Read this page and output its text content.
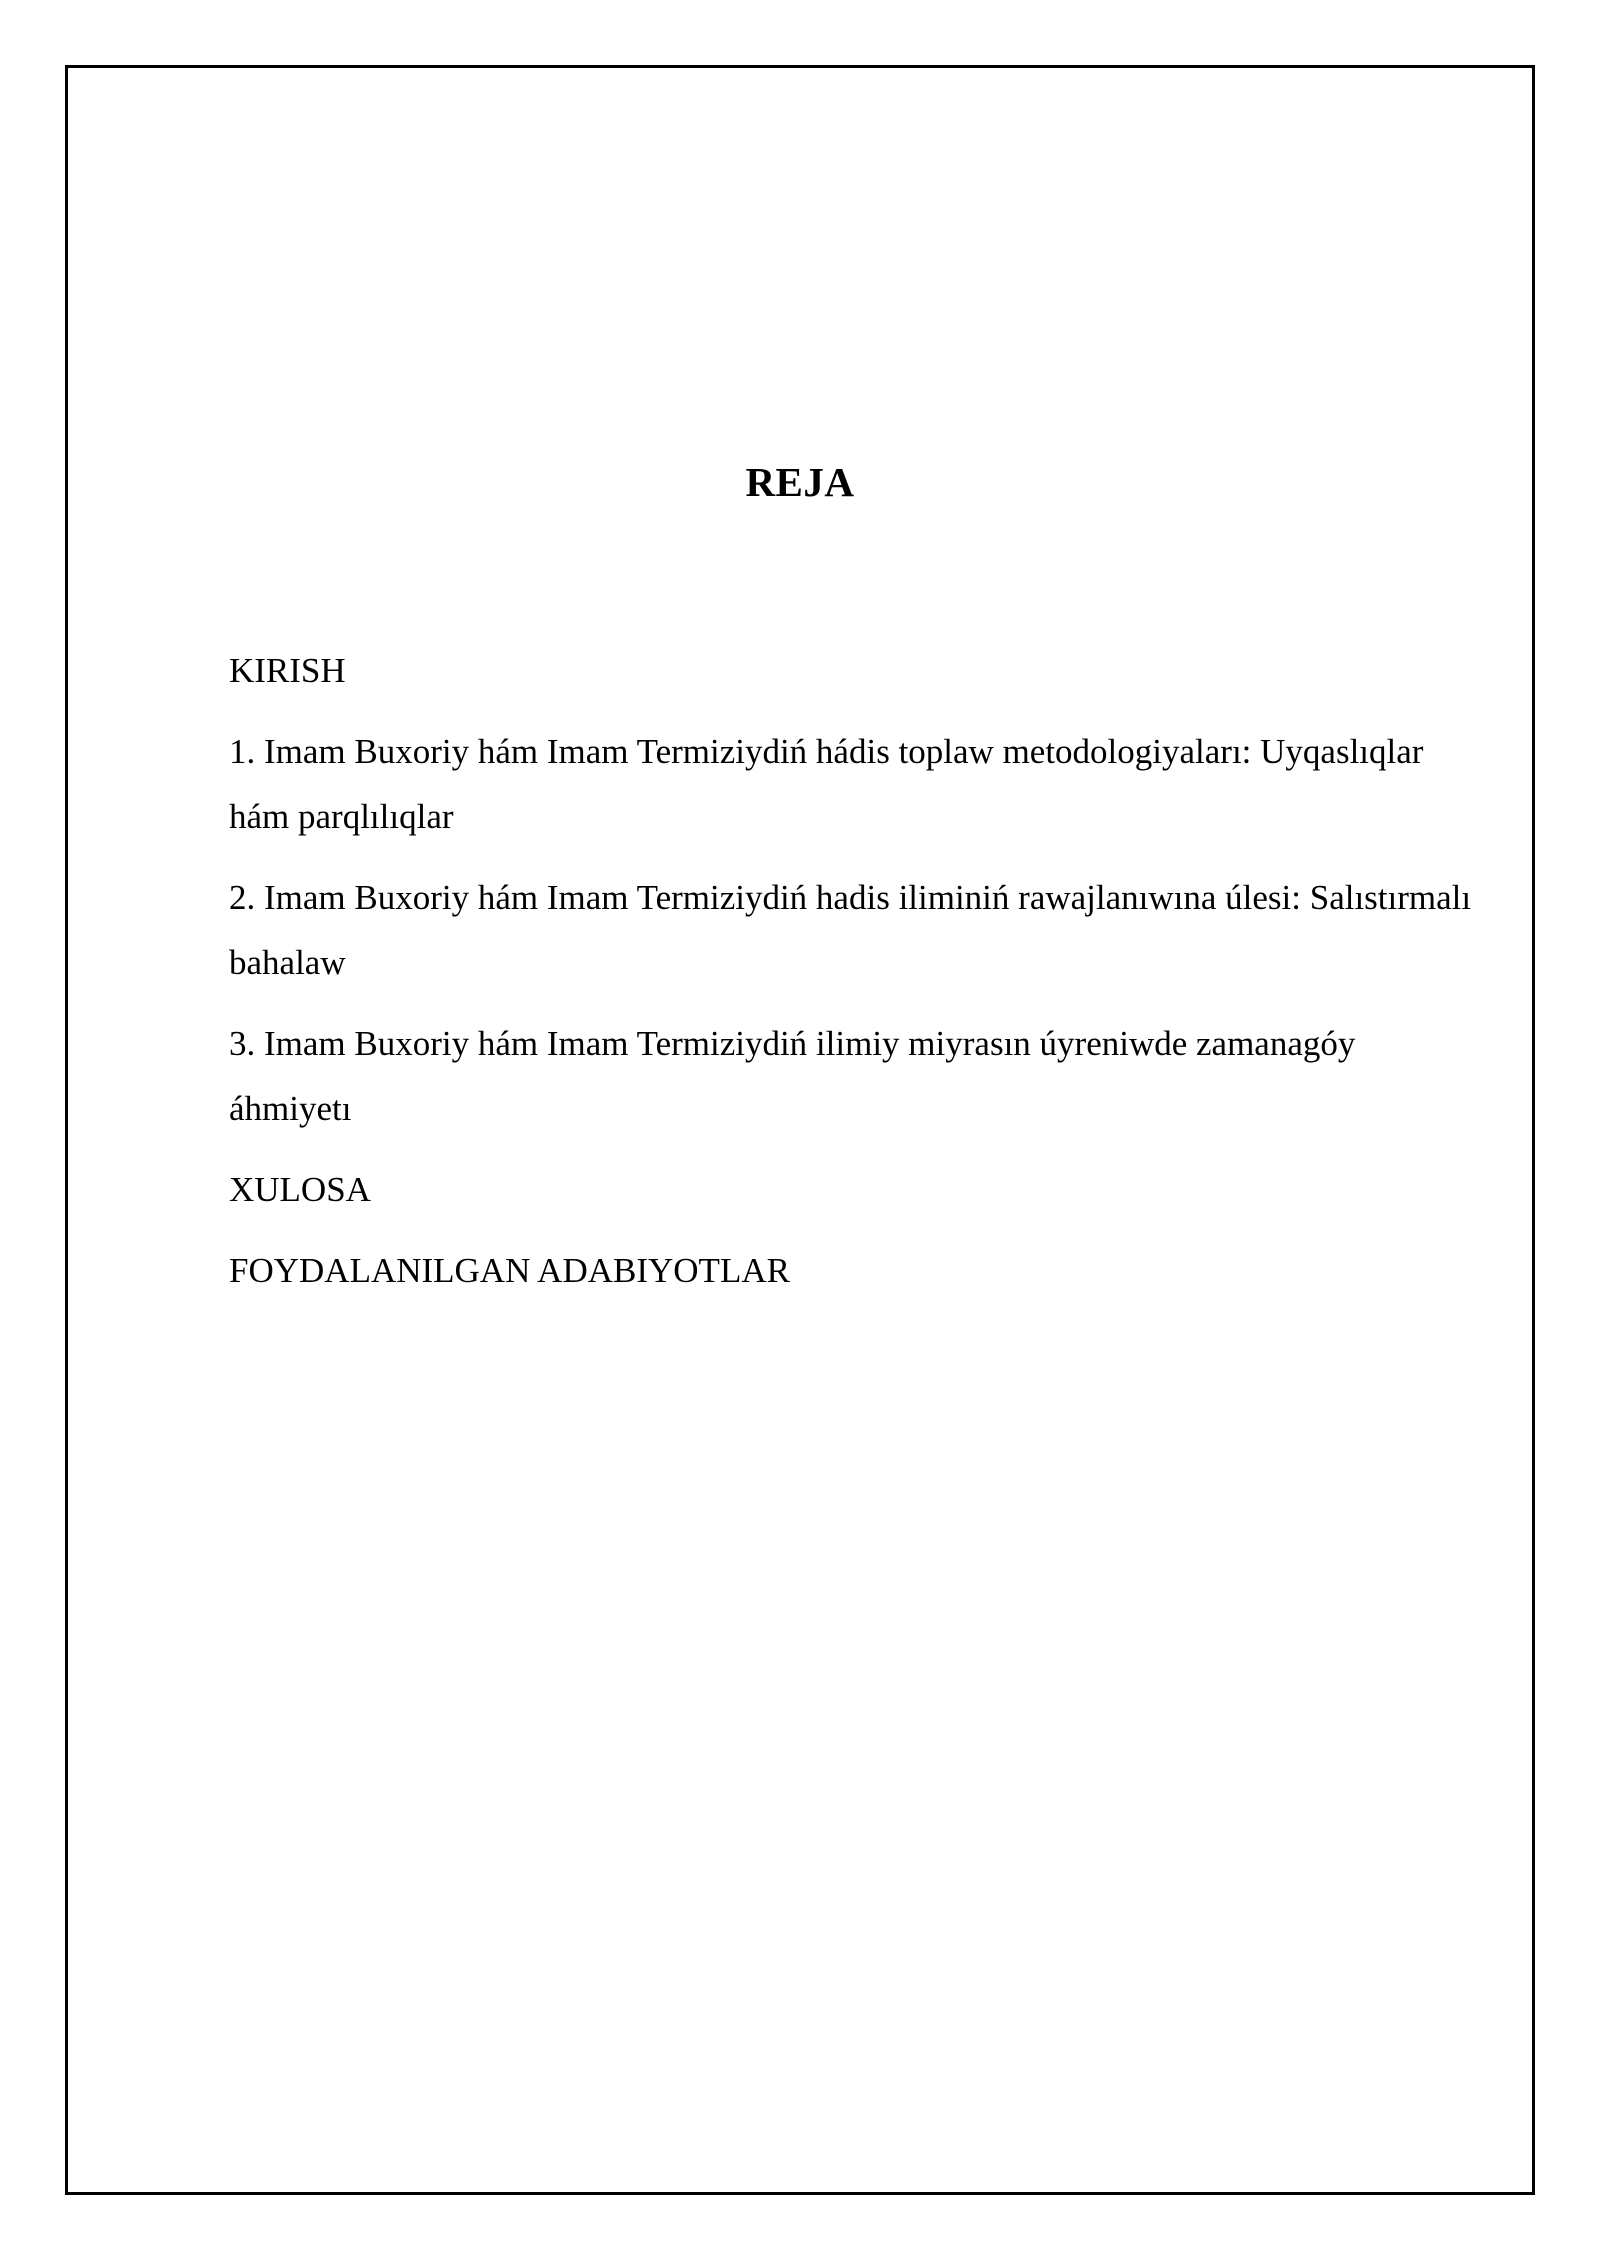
REJA

KIRISH

1. Imam Buxoriy hám Imam Termiziydiń hádis toplaw metodologiyaları: Uyqaslıqlar hám parqlılıqlar

2. Imam Buxoriy hám Imam Termiziydiń hadis iliminiń rawajlanıwına úlesi: Salıstırmalı bahalaw

3. Imam Buxoriy hám Imam Termiziydiń ilimiy miyrasın úyreniwde zamanagóy áhmiyetı

XULOSA

FOYDALANILGAN ADABIYOTLAR
